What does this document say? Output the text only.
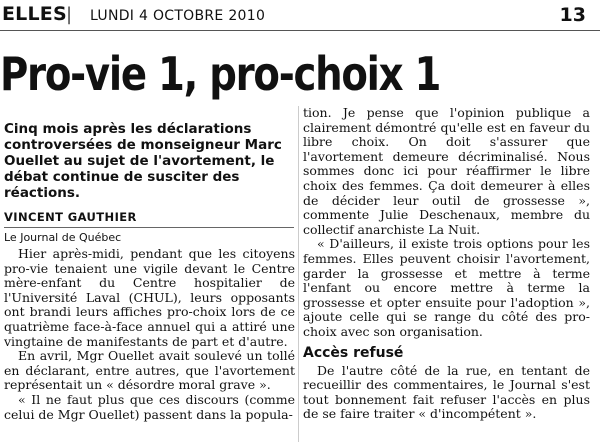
ELLES | LUNDI 4 OCTOBRE 2010	13
Pro-vie 1, pro-choix 1

Cinq mois après les déclarations controversées de monseigneur Marc Ouellet au sujet de l'avortement, le débat continue de susciter des réactions.

VINCENT GAUTHIER
Le Journal de Québec

Hier après-midi, pendant que les citoyens pro-vie tenaient une vigile devant le Centre mère-enfant du Centre hospitalier de l'Université Laval (CHUL), leurs opposants ont brandi leurs affiches pro-choix lors de ce quatrième face-à-face annuel qui a attiré une vingtaine de manifestants de part et d'autre.

En avril, Mgr Ouellet avait soulevé un tollé en déclarant, entre autres, que l'avortement représentait un « désordre moral grave ».

« Il ne faut plus que ces discours (comme celui de Mgr Ouellet) passent dans la popula-

tion. Je pense que l'opinion publique a clairement démontré qu'elle est en faveur du libre choix. On doit s'assurer que l'avortement demeure décriminalisé. Nous sommes donc ici pour réaffirmer le libre choix des femmes. Ça doit demeurer à elles de décider leur outil de grossesse », commente Julie Deschenaux, membre du collectif anarchiste La Nuit.

« D'ailleurs, il existe trois options pour les femmes. Elles peuvent choisir l'avortement, garder la grossesse et mettre à terme l'enfant ou encore mettre à terme la grossesse et opter ensuite pour l'adoption », ajoute celle qui se range du côté des pro-choix avec son organisation.

Accès refusé

De l'autre côté de la rue, en tentant de recueillir des commentaires, le Journal s'est tout bonnement fait refuser l'accès en plus de se faire traiter « d'incompétent ».
